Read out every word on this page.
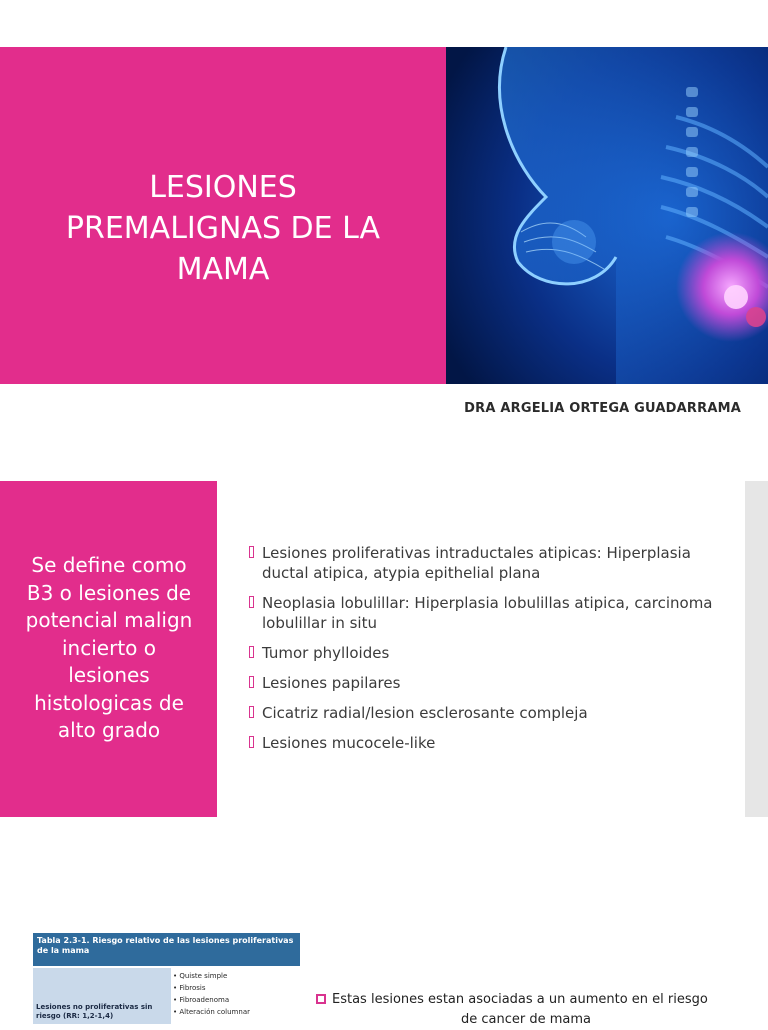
LESIONES
PREMALIGNAS DE LA
MAMA
DRA ARGELIA ORTEGA GUADARRAMA
Se define como
B3 o lesiones de
potencial malign
incierto o
lesiones
histologicas de
alto grado
Lesiones proliferativas intraductales atipicas: Hiperplasia ductal atipica, atypia epithelial plana
Neoplasia lobulillar: Hiperplasia lobulillas atipica, carcinoma lobulillar in situ
Tumor phylloides
Lesiones papilares
Cicatriz radial/lesion esclerosante compleja
Lesiones mucocele-like
Tabla 2.3-1. Riesgo relativo de las lesiones proliferativas de la mama
• Quiste simple
• Fibrosis
• Fibroadenoma
• Alteración columnar
Lesiones no proliferativas sin riesgo (RR: 1,2-1,4)
Estas lesiones estan asociadas a un aumento en el riesgo
de cancer de mama
